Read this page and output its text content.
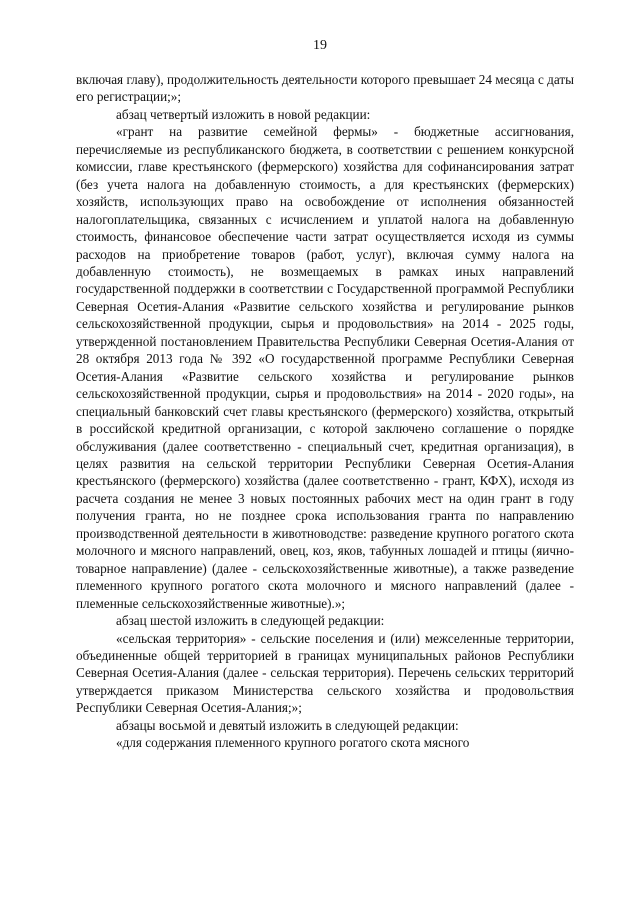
19

включая главу), продолжительность деятельности которого превышает 24 месяца с даты его регистрации;»;

абзац четвертый изложить в новой редакции:

«грант на развитие семейной фермы» - бюджетные ассигнования, перечисляемые из республиканского бюджета, в соответствии с решением конкурсной комиссии, главе крестьянского (фермерского) хозяйства для софинансирования затрат (без учета налога на добавленную стоимость, а для крестьянских (фермерских) хозяйств, использующих право на освобождение от исполнения обязанностей налогоплательщика, связанных с исчислением и уплатой налога на добавленную стоимость, финансовое обеспечение части затрат осуществляется исходя из суммы расходов на приобретение товаров (работ, услуг), включая сумму налога на добавленную стоимость), не возмещаемых в рамках иных направлений государственной поддержки в соответствии с Государственной программой Республики Северная Осетия-Алания «Развитие сельского хозяйства и регулирование рынков сельскохозяйственной продукции, сырья и продовольствия» на 2014 - 2025 годы, утвержденной постановлением Правительства Республики Северная Осетия-Алания от 28 октября 2013 года № 392 «О государственной программе Республики Северная Осетия-Алания «Развитие сельского хозяйства и регулирование рынков сельскохозяйственной продукции, сырья и продовольствия» на 2014 - 2020 годы», на специальный банковский счет главы крестьянского (фермерского) хозяйства, открытый в российской кредитной организации, с которой заключено соглашение о порядке обслуживания (далее соответственно - специальный счет, кредитная организация), в целях развития на сельской территории Республики Северная Осетия-Алания крестьянского (фермерского) хозяйства (далее соответственно - грант, КФХ), исходя из расчета создания не менее 3 новых постоянных рабочих мест на один грант в году получения гранта, но не позднее срока использования гранта по направлению производственной деятельности в животноводстве: разведение крупного рогатого скота молочного и мясного направлений, овец, коз, яков, табунных лошадей и птицы (яично-товарное направление) (далее - сельскохозяйственные животные), а также разведение племенного крупного рогатого скота молочного и мясного направлений (далее - племенные сельскохозяйственные животные).»;

абзац шестой изложить в следующей редакции:

«сельская территория» - сельские поселения и (или) межселенные территории, объединенные общей территорией в границах муниципальных районов Республики Северная Осетия-Алания (далее - сельская территория). Перечень сельских территорий утверждается приказом Министерства сельского хозяйства и продовольствия Республики Северная Осетия-Алания;»;

абзацы восьмой и девятый изложить в следующей редакции:

«для содержания племенного крупного рогатого скота мясного
